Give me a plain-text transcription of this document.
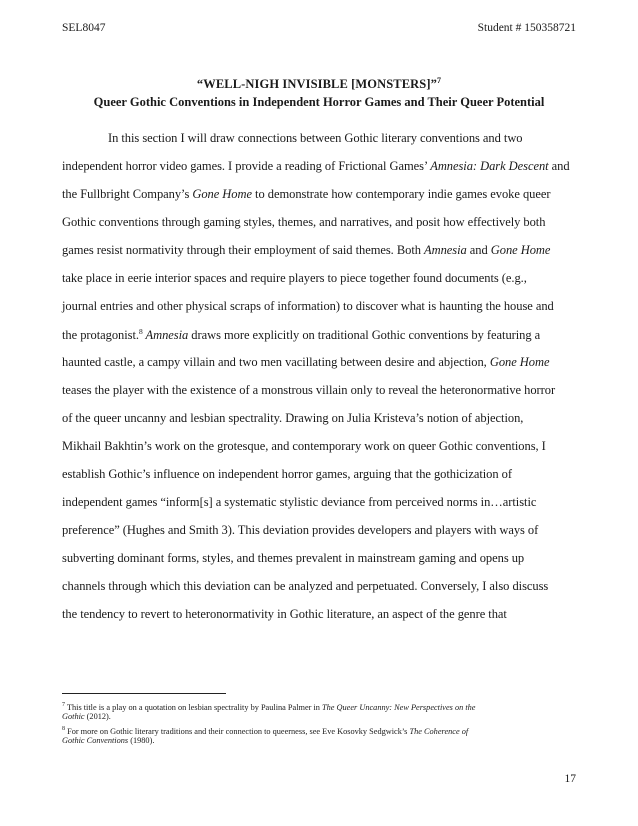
SEL8047	Student # 150358721
“WELL-NIGH INVISIBLE [MONSTERS]”$^7$
Queer Gothic Conventions in Independent Horror Games and Their Queer Potential
In this section I will draw connections between Gothic literary conventions and two
independent horror video games. I provide a reading of Frictional Games’ Amnesia: Dark Descent and
the Fullbright Company’s Gone Home to demonstrate how contemporary indie games evoke queer
Gothic conventions through gaming styles, themes, and narratives, and posit how effectively both
games resist normativity through their employment of said themes. Both Amnesia and Gone Home
take place in eerie interior spaces and require players to piece together found documents (e.g.,
journal entries and other physical scraps of information) to discover what is haunting the house and
the protagonist.$^8$ Amnesia draws more explicitly on traditional Gothic conventions by featuring a
haunted castle, a campy villain and two men vacillating between desire and abjection, Gone Home
teases the player with the existence of a monstrous villain only to reveal the heteronormative horror
of the queer uncanny and lesbian spectrality. Drawing on Julia Kristeva’s notion of abjection,
Mikhail Bakhtin’s work on the grotesque, and contemporary work on queer Gothic conventions, I
establish Gothic’s influence on independent horror games, arguing that the gothicization of
independent games “inform[s] a systematic stylistic deviance from perceived norms in…artistic
preference” (Hughes and Smith 3). This deviation provides developers and players with ways of
subverting dominant forms, styles, and themes prevalent in mainstream gaming and opens up
channels through which this deviation can be analyzed and perpetuated. Conversely, I also discuss
the tendency to revert to heteronormativity in Gothic literature, an aspect of the genre that
$^7$ This title is a play on a quotation on lesbian spectrality by Paulina Palmer in The Queer Uncanny: New Perspectives on the
Gothic (2012).
$^8$ For more on Gothic literary traditions and their connection to queerness, see Eve Kosovky Sedgwick’s The Coherence of
Gothic Conventions (1980).
17
